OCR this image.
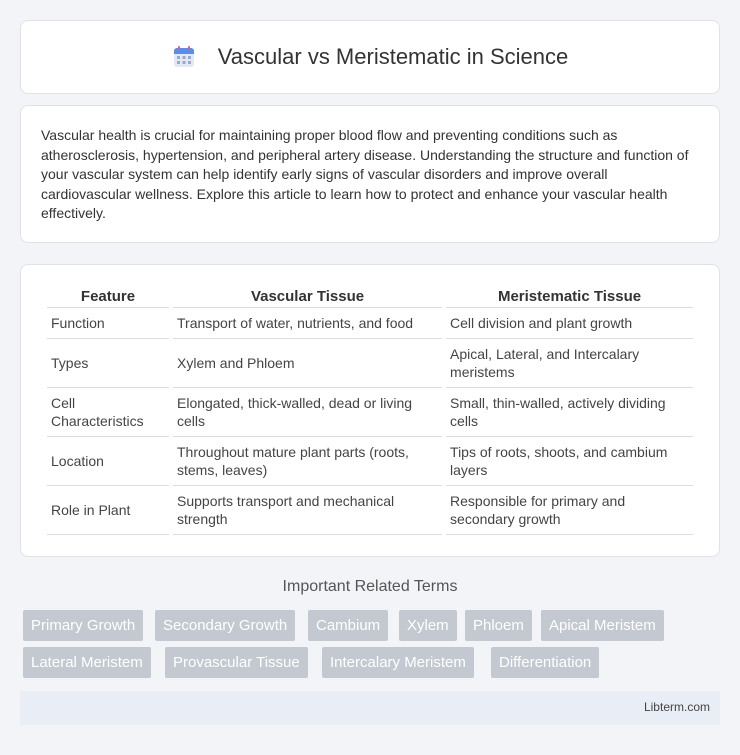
Vascular vs Meristematic in Science

Vascular health is crucial for maintaining proper blood flow and preventing conditions such as atherosclerosis, hypertension, and peripheral artery disease. Understanding the structure and function of your vascular system can help identify early signs of vascular disorders and improve overall cardiovascular wellness. Explore this article to learn how to protect and enhance your vascular health effectively.

Feature	Vascular Tissue	Meristematic Tissue
Function	Transport of water, nutrients, and food	Cell division and plant growth
Types	Xylem and Phloem	Apical, Lateral, and Intercalary meristems
Cell Characteristics	Elongated, thick-walled, dead or living cells	Small, thin-walled, actively dividing cells
Location	Throughout mature plant parts (roots, stems, leaves)	Tips of roots, shoots, and cambium layers
Role in Plant	Supports transport and mechanical strength	Responsible for primary and secondary growth
Important Related Terms
Primary Growth	Secondary Growth	Cambium	Xylem	Phloem	Apical Meristem
Lateral Meristem	Provascular Tissue	Intercalary Meristem	Differentiation
Libterm.com
